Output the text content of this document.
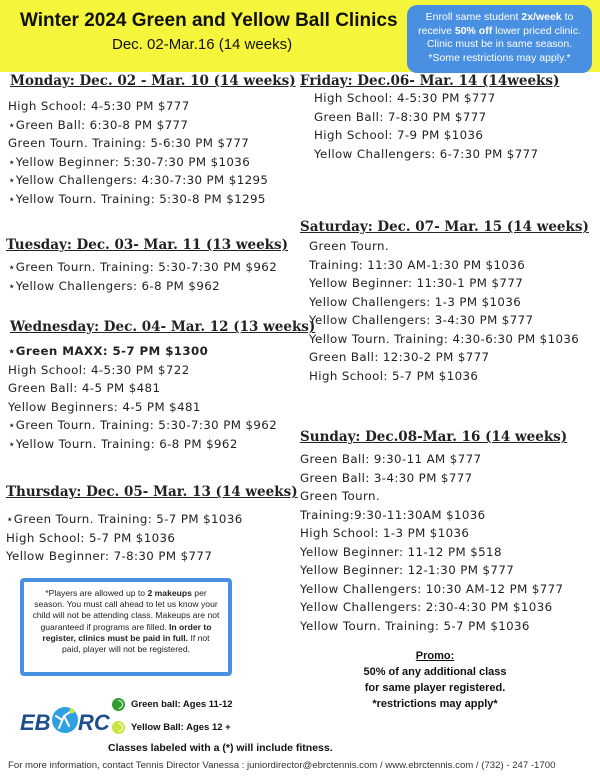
Winter 2024 Green and Yellow Ball Clinics
Dec. 02-Mar.16 (14 weeks)
Enroll same student 2x/week to
receive 50% off lower priced clinic.
Clinic must be in same season.
*Some restrictions may apply.*
Monday: Dec. 02 - Mar. 10 (14 weeks)
High School: 4-5:30 PM $777
⋆Green Ball: 6:30-8 PM $777
Green Tourn. Training: 5-6:30 PM $777
⋆Yellow Beginner: 5:30-7:30 PM $1036
⋆Yellow Challengers: 4:30-7:30 PM $1295
⋆Yellow Tourn. Training: 5:30-8 PM $1295
Friday: Dec.06- Mar. 14 (14weeks)
High School: 4-5:30 PM $777
Green Ball: 7-8:30 PM $777
High School: 7-9 PM $1036
Yellow Challengers: 6-7:30 PM $777
Saturday: Dec. 07- Mar. 15 (14 weeks)
Green Tourn.
Training: 11:30 AM-1:30 PM $1036
Yellow Beginner: 11:30-1 PM $777
Yellow Challengers: 1-3 PM $1036
Yellow Challengers: 3-4:30 PM $777
Yellow Tourn. Training: 4:30-6:30 PM $1036
Green Ball: 12:30-2 PM $777
High School: 5-7 PM $1036
Tuesday: Dec. 03- Mar. 11 (13 weeks)
⋆Green Tourn. Training: 5:30-7:30 PM $962
⋆Yellow Challengers: 6-8 PM $962
Wednesday: Dec. 04- Mar. 12 (13 weeks)
⋆Green MAXX: 5-7 PM $1300
High School: 4-5:30 PM $722
Green Ball: 4-5 PM $481
Yellow Beginners: 4-5 PM $481
⋆Green Tourn. Training: 5:30-7:30 PM $962
⋆Yellow Tourn. Training: 6-8 PM $962	Sunday: Dec.08-Mar. 16 (14 weeks)
Green Ball: 9:30-11 AM $777
Green Ball: 3-4:30 PM $777
Green Tourn.
Training:9:30-11:30AM $1036
High School: 1-3 PM $1036
Yellow Beginner: 11-12 PM $518
Yellow Beginner: 12-1:30 PM $777
Yellow Challengers: 10:30 AM-12 PM $777
Yellow Challengers: 2:30-4:30 PM $1036
Yellow Tourn. Training: 5-7 PM $1036
Thursday: Dec. 05- Mar. 13 (14 weeks)
⋆Green Tourn. Training: 5-7 PM $1036
High School: 5-7 PM $1036
Yellow Beginner: 7-8:30 PM $777
*Players are allowed up to 2 makeups per season. You must call ahead to let us know your child will not be attending class. Makeups are not guaranteed if programs are filled. In order to register, clinics must be paid in full. If not paid, player will not be registered.
Promo:
50% of any additional class
for same player registered.
*restrictions may apply*
EB RC
Green ball: Ages 11-12
Yellow Ball: Ages 12 +
Classes labeled with a (*) will include fitness.
For more information, contact Tennis Director Vanessa : juniordirector@ebrctennis.com / www.ebrctennis.com / (732) - 247 -1700
